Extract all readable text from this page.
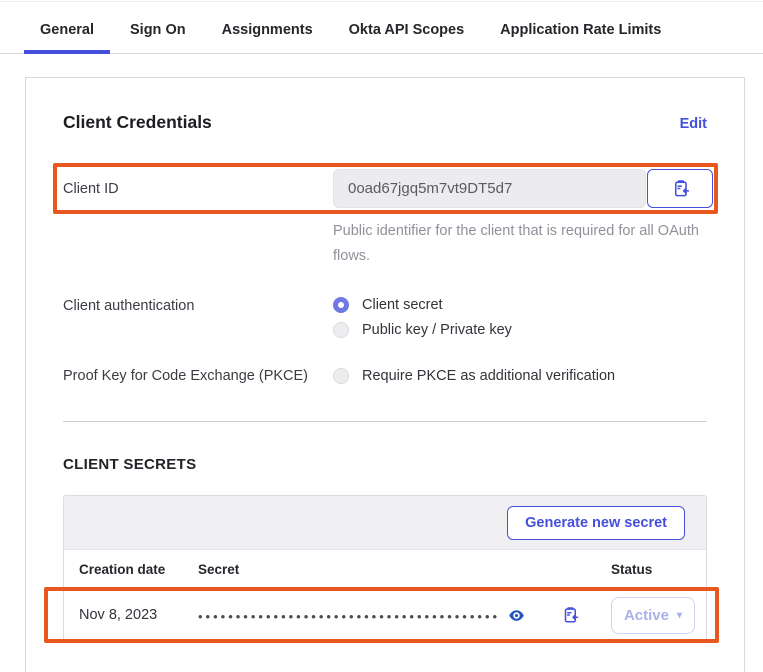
General	Sign On	Assignments	Okta API Scopes	Application Rate Limits
Client Credentials	Edit
Client ID	0oad67jgq5m7vt9DT5d7
Public identifier for the client that is required for all OAuth flows.
Client authentication	Client secret
Public key / Private key
Proof Key for Code Exchange (PKCE)	Require PKCE as additional verification
CLIENT SECRETS
Generate new secret
Creation date	Secret	Status
Nov 8, 2023	••••••••••••••••••••••••••••••••••••••••	Active ▾
